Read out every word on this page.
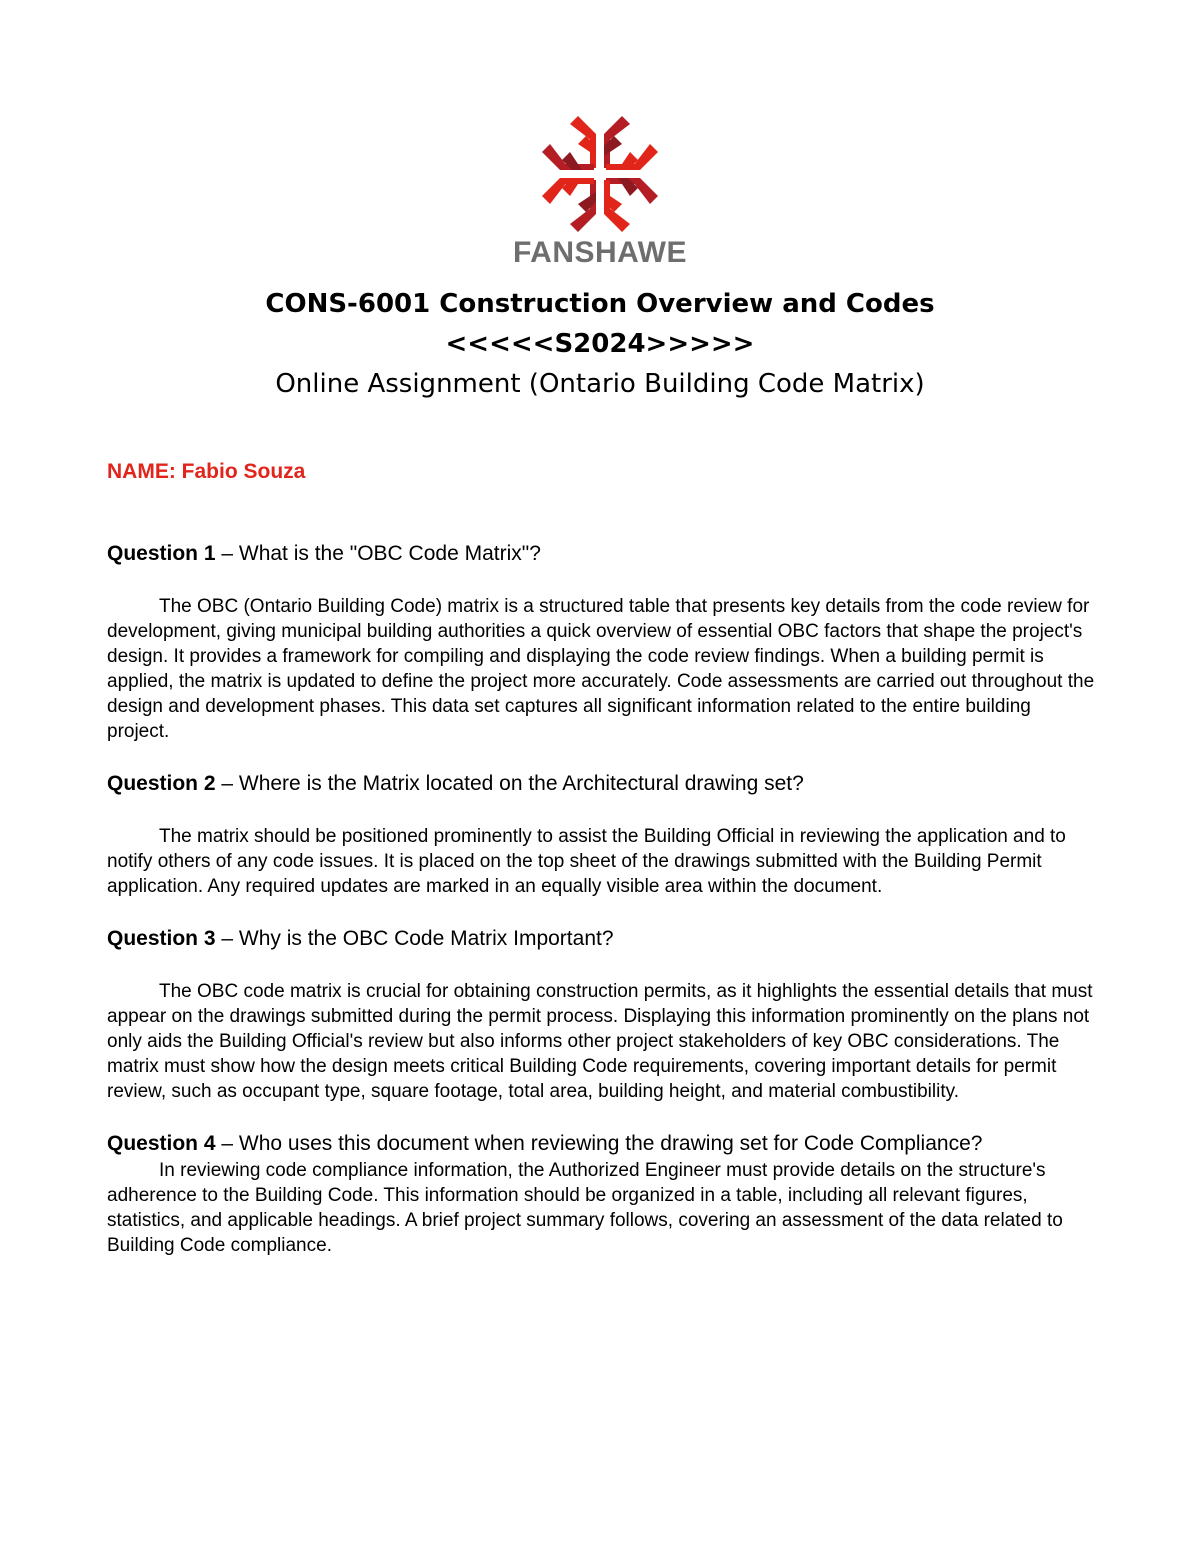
FANSHAWE
CONS-6001 Construction Overview and Codes
<<<<<S2024>>>>>
Online Assignment (Ontario Building Code Matrix)
NAME: Fabio Souza

Question 1 – What is the "OBC Code Matrix"?

The OBC (Ontario Building Code) matrix is a structured table that presents key details from the code review for development, giving municipal building authorities a quick overview of essential OBC factors that shape the project's design. It provides a framework for compiling and displaying the code review findings. When a building permit is applied, the matrix is updated to define the project more accurately. Code assessments are carried out throughout the design and development phases. This data set captures all significant information related to the entire building project.

Question 2 – Where is the Matrix located on the Architectural drawing set?

The matrix should be positioned prominently to assist the Building Official in reviewing the application and to notify others of any code issues. It is placed on the top sheet of the drawings submitted with the Building Permit application. Any required updates are marked in an equally visible area within the document.

Question 3 – Why is the OBC Code Matrix Important?

The OBC code matrix is crucial for obtaining construction permits, as it highlights the essential details that must appear on the drawings submitted during the permit process. Displaying this information prominently on the plans not only aids the Building Official's review but also informs other project stakeholders of key OBC considerations. The matrix must show how the design meets critical Building Code requirements, covering important details for permit review, such as occupant type, square footage, total area, building height, and material combustibility.

Question 4 – Who uses this document when reviewing the drawing set for Code Compliance?

In reviewing code compliance information, the Authorized Engineer must provide details on the structure's adherence to the Building Code. This information should be organized in a table, including all relevant figures, statistics, and applicable headings. A brief project summary follows, covering an assessment of the data related to Building Code compliance.
